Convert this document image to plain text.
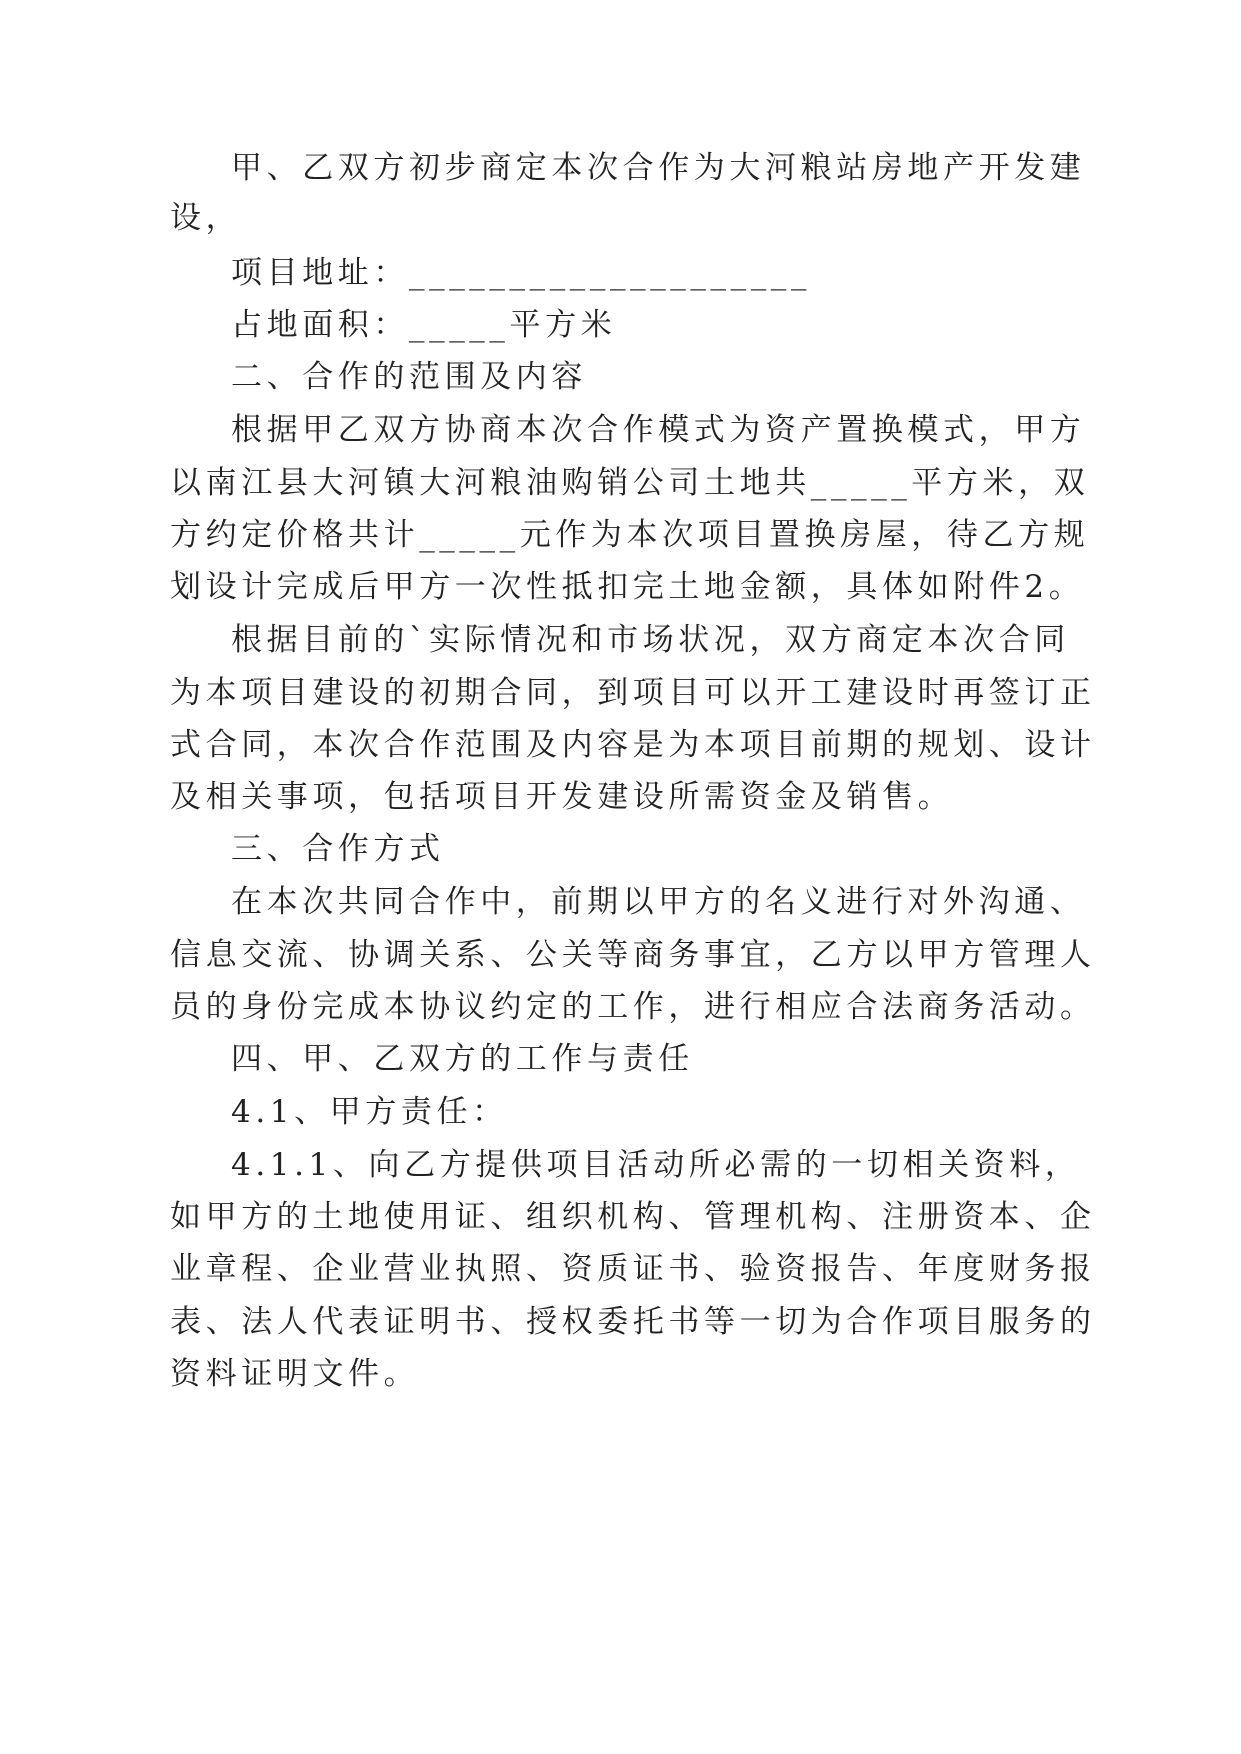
甲、乙双方初步商定本次合作为大河粮站房地产开发建
设，
项目地址：____________________
占地面积：_____平方米
二、合作的范围及内容
根据甲乙双方协商本次合作模式为资产置换模式，甲方
以南江县大河镇大河粮油购销公司土地共_____平方米，双
方约定价格共计_____元作为本次项目置换房屋，待乙方规
划设计完成后甲方一次性抵扣完土地金额，具体如附件2。
根据目前的`实际情况和市场状况，双方商定本次合同
为本项目建设的初期合同，到项目可以开工建设时再签订正
式合同，本次合作范围及内容是为本项目前期的规划、设计
及相关事项，包括项目开发建设所需资金及销售。
三、合作方式
在本次共同合作中，前期以甲方的名义进行对外沟通、
信息交流、协调关系、公关等商务事宜，乙方以甲方管理人
员的身份完成本协议约定的工作，进行相应合法商务活动。
四、甲、乙双方的工作与责任
4.1、甲方责任：
4.1.1、向乙方提供项目活动所必需的一切相关资料，
如甲方的土地使用证、组织机构、管理机构、注册资本、企
业章程、企业营业执照、资质证书、验资报告、年度财务报
表、法人代表证明书、授权委托书等一切为合作项目服务的
资料证明文件。
